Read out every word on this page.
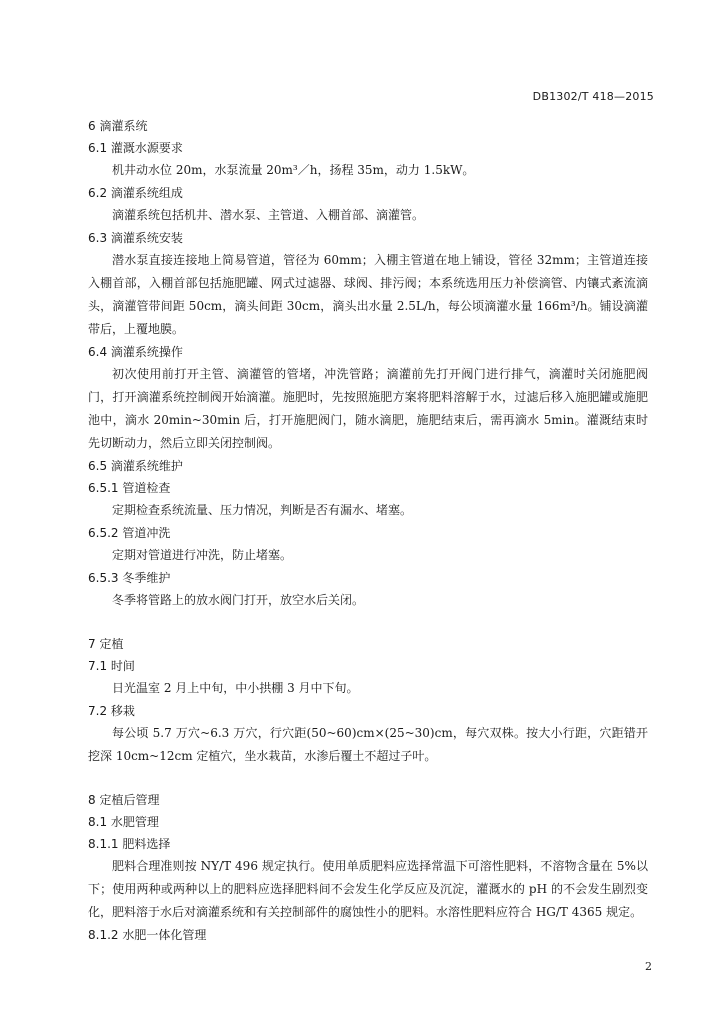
DB1302/T 418—2015
6 滴灌系统
6.1 灌溉水源要求
机井动水位 20m，水泵流量 20m³／h，扬程 35m，动力 1.5kW。
6.2 滴灌系统组成
滴灌系统包括机井、潜水泵、主管道、入棚首部、滴灌管。
6.3 滴灌系统安装
潜水泵直接连接地上简易管道，管径为 60mm；入棚主管道在地上铺设，管径 32mm；主管道连接入棚首部，入棚首部包括施肥罐、网式过滤器、球阀、排污阀；本系统选用压力补偿滴管、内镶式紊流滴头，滴灌管带间距 50cm，滴头间距 30cm，滴头出水量 2.5L/h，每公顷滴灌水量 166m³/h。铺设滴灌带后，上覆地膜。
6.4 滴灌系统操作
初次使用前打开主管、滴灌管的管堵，冲洗管路；滴灌前先打开阀门进行排气，滴灌时关闭施肥阀门，打开滴灌系统控制阀开始滴灌。施肥时，先按照施肥方案将肥料溶解于水，过滤后移入施肥罐或施肥池中，滴水 20min~30min 后，打开施肥阀门，随水滴肥，施肥结束后，需再滴水 5min。灌溉结束时先切断动力，然后立即关闭控制阀。
6.5 滴灌系统维护
6.5.1 管道检查
定期检查系统流量、压力情况，判断是否有漏水、堵塞。
6.5.2 管道冲洗
定期对管道进行冲洗，防止堵塞。
6.5.3 冬季维护
冬季将管路上的放水阀门打开，放空水后关闭。
7 定植
7.1 时间
日光温室 2 月上中旬，中小拱棚 3 月中下旬。
7.2 移栽
每公顷 5.7 万穴~6.3 万穴，行穴距(50~60)cm×(25~30)cm，每穴双株。按大小行距，穴距错开挖深 10cm~12cm 定植穴，坐水栽苗，水渗后覆土不超过子叶。
8 定植后管理
8.1 水肥管理
8.1.1 肥料选择
肥料合理准则按 NY/T 496 规定执行。使用单质肥料应选择常温下可溶性肥料，不溶物含量在 5%以下；使用两种或两种以上的肥料应选择肥料间不会发生化学反应及沉淀，灌溉水的 pH 的不会发生剧烈变化，肥料溶于水后对滴灌系统和有关控制部件的腐蚀性小的肥料。水溶性肥料应符合 HG/T 4365 规定。
8.1.2 水肥一体化管理
2
